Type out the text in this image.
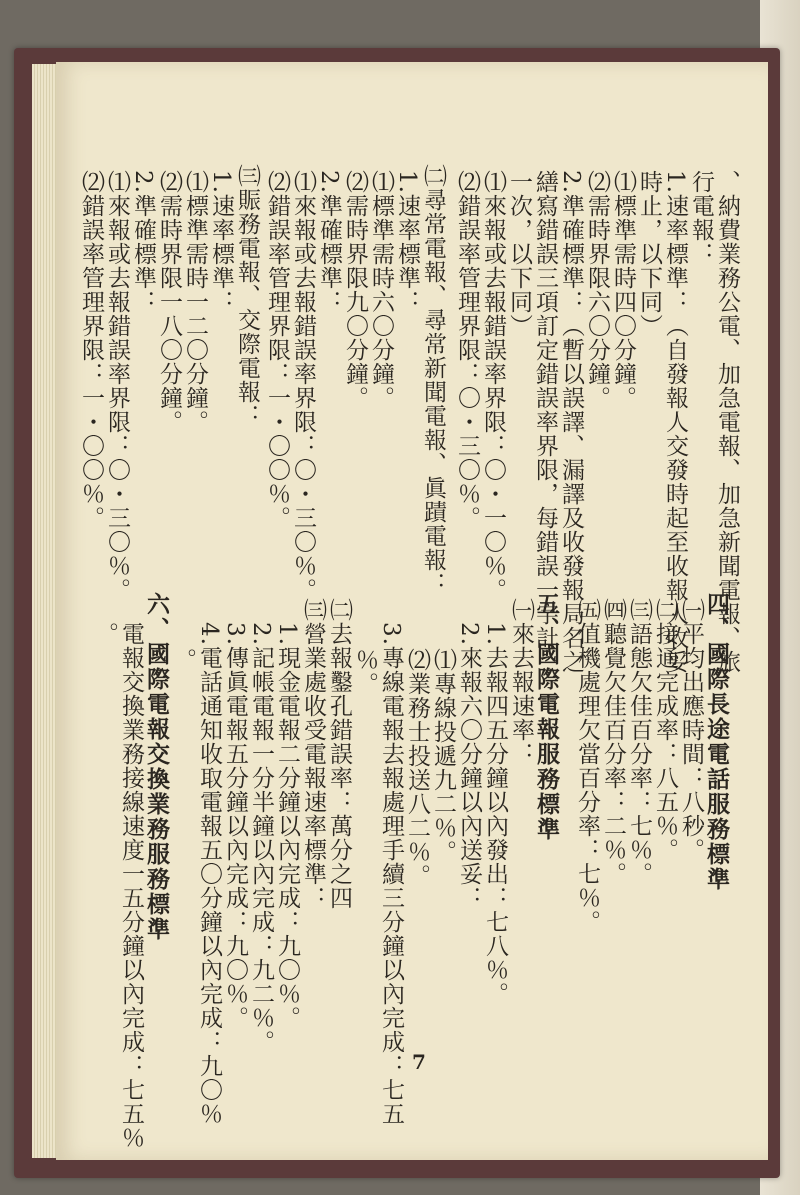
、納費業務公電、加急電報、加急新聞電報、旅
行電報：
1.速率標準：（自發報人交發時起至收報人收妥
時止，以下同）
⑴標準需時四〇分鐘。
⑵需時界限六〇分鐘。
2.準確標準：（暫以誤譯、漏譯及收發報局名之
繕寫錯誤三項訂定錯誤率界限，每錯誤一字計
一次，以下同）
⑴來報或去報錯誤率界限：〇・一〇％。
⑵錯誤率管理界限：〇・三〇％。
㈡尋常電報、尋常新聞電報、眞蹟電報：
1.速率標準：
⑴標準需時六〇分鐘。
⑵需時界限九〇分鐘。
2.準確標準：
⑴來報或去報錯誤率界限：〇・三〇％。
⑵錯誤率管理界限：一・〇〇％。
㈢賑務電報、交際電報：
1.速率標準：
⑴標準需時一二〇分鐘。
⑵需時界限一八〇分鐘。
2.準確標準：
⑴來報或去報錯誤率界限：〇・三〇％。
⑵錯誤率管理界限：一・〇〇％。
四、國際長途電話服務標準
㈠平均出應時間：八秒。
㈡接通完成率：八五％。
㈢語態欠佳百分率：七％。
㈣聽覺欠佳百分率：二％。
㈤值機處理欠當百分率：七％。
五、國際電報服務標準
㈠來去報速率：
1.去報四五分鐘以內發出：七八％。
2.來報六〇分鐘以內送妥：
⑴專線投遞九二％。
⑵業務士投送八二％。
3.專線電報去報處理手續三分鐘以內完成：七五
％。
㈡去報鑿孔錯誤率：萬分之四
㈢營業處收受電報速率標準：
1.現金電報二分鐘以內完成：九〇％。
2.記帳電報一分半鐘以內完成：九二％。
3.傳眞電報五分鐘以內完成：九〇％。
4.電話通知收取電報五〇分鐘以內完成：九〇％
。
六、國際電報交換業務服務標準
電報交換業務接線速度一五分鐘以內完成：七五％
。
7
